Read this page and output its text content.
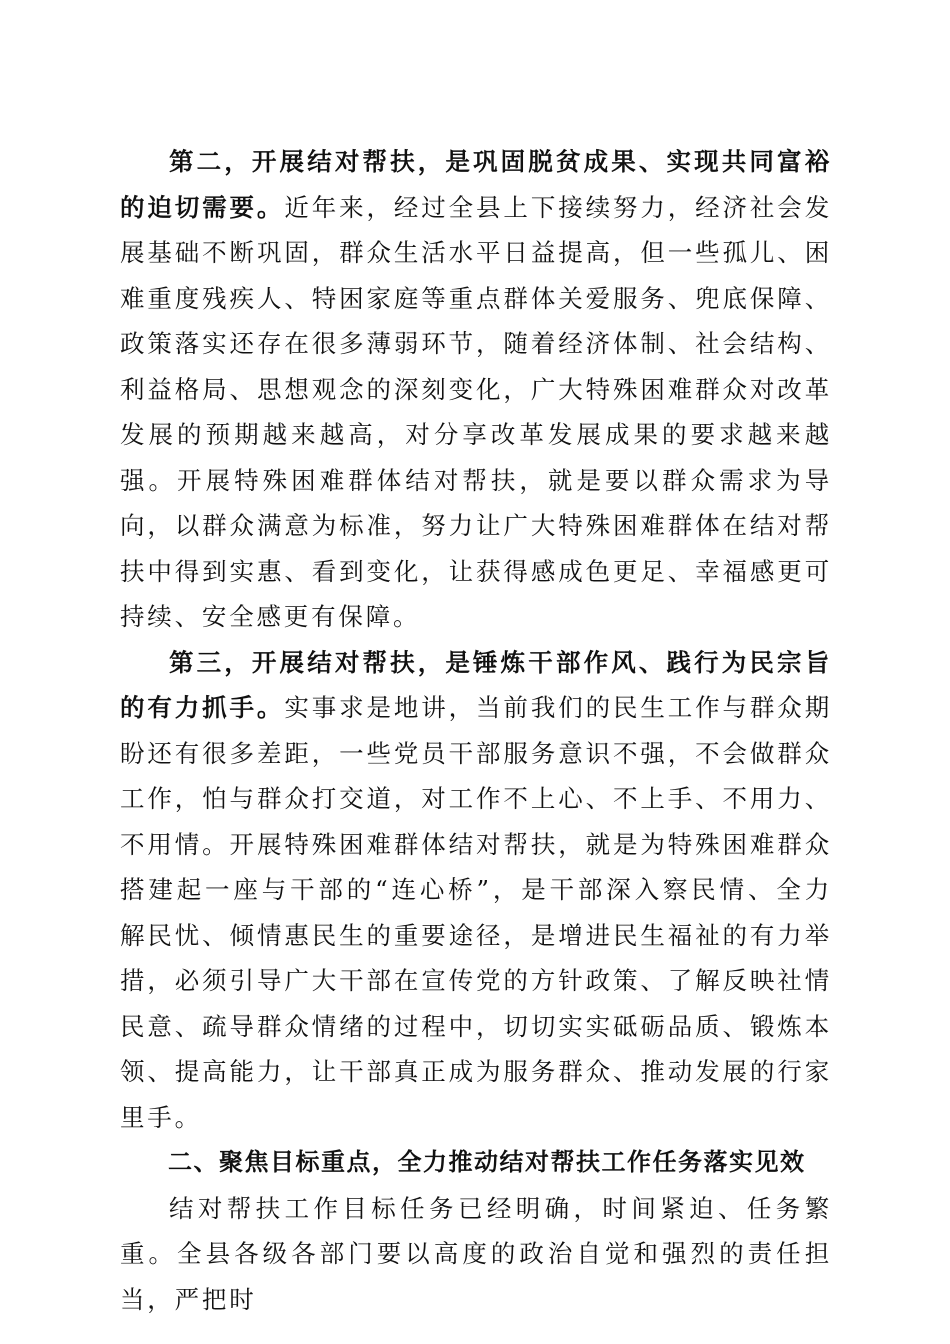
第二，开展结对帮扶，是巩固脱贫成果、实现共同富裕的迫切需要。近年来，经过全县上下接续努力，经济社会发展基础不断巩固，群众生活水平日益提高，但一些孤儿、困难重度残疾人、特困家庭等重点群体关爱服务、兜底保障、政策落实还存在很多薄弱环节，随着经济体制、社会结构、利益格局、思想观念的深刻变化，广大特殊困难群众对改革发展的预期越来越高，对分享改革发展成果的要求越来越强。开展特殊困难群体结对帮扶，就是要以群众需求为导向，以群众满意为标准，努力让广大特殊困难群体在结对帮扶中得到实惠、看到变化，让获得感成色更足、幸福感更可持续、安全感更有保障。

第三，开展结对帮扶，是锤炼干部作风、践行为民宗旨的有力抓手。实事求是地讲，当前我们的民生工作与群众期盼还有很多差距，一些党员干部服务意识不强，不会做群众工作，怕与群众打交道，对工作不上心、不上手、不用力、不用情。开展特殊困难群体结对帮扶，就是为特殊困难群众搭建起一座与干部的“连心桥”，是干部深入察民情、全力解民忧、倾情惠民生的重要途径，是增进民生福祉的有力举措，必须引导广大干部在宣传党的方针政策、了解反映社情民意、疏导群众情绪的过程中，切切实实砥砺品质、锻炼本领、提高能力，让干部真正成为服务群众、推动发展的行家里手。

二、聚焦目标重点，全力推动结对帮扶工作任务落实见效

结对帮扶工作目标任务已经明确，时间紧迫、任务繁重。全县各级各部门要以高度的政治自觉和强烈的责任担当，严把时
